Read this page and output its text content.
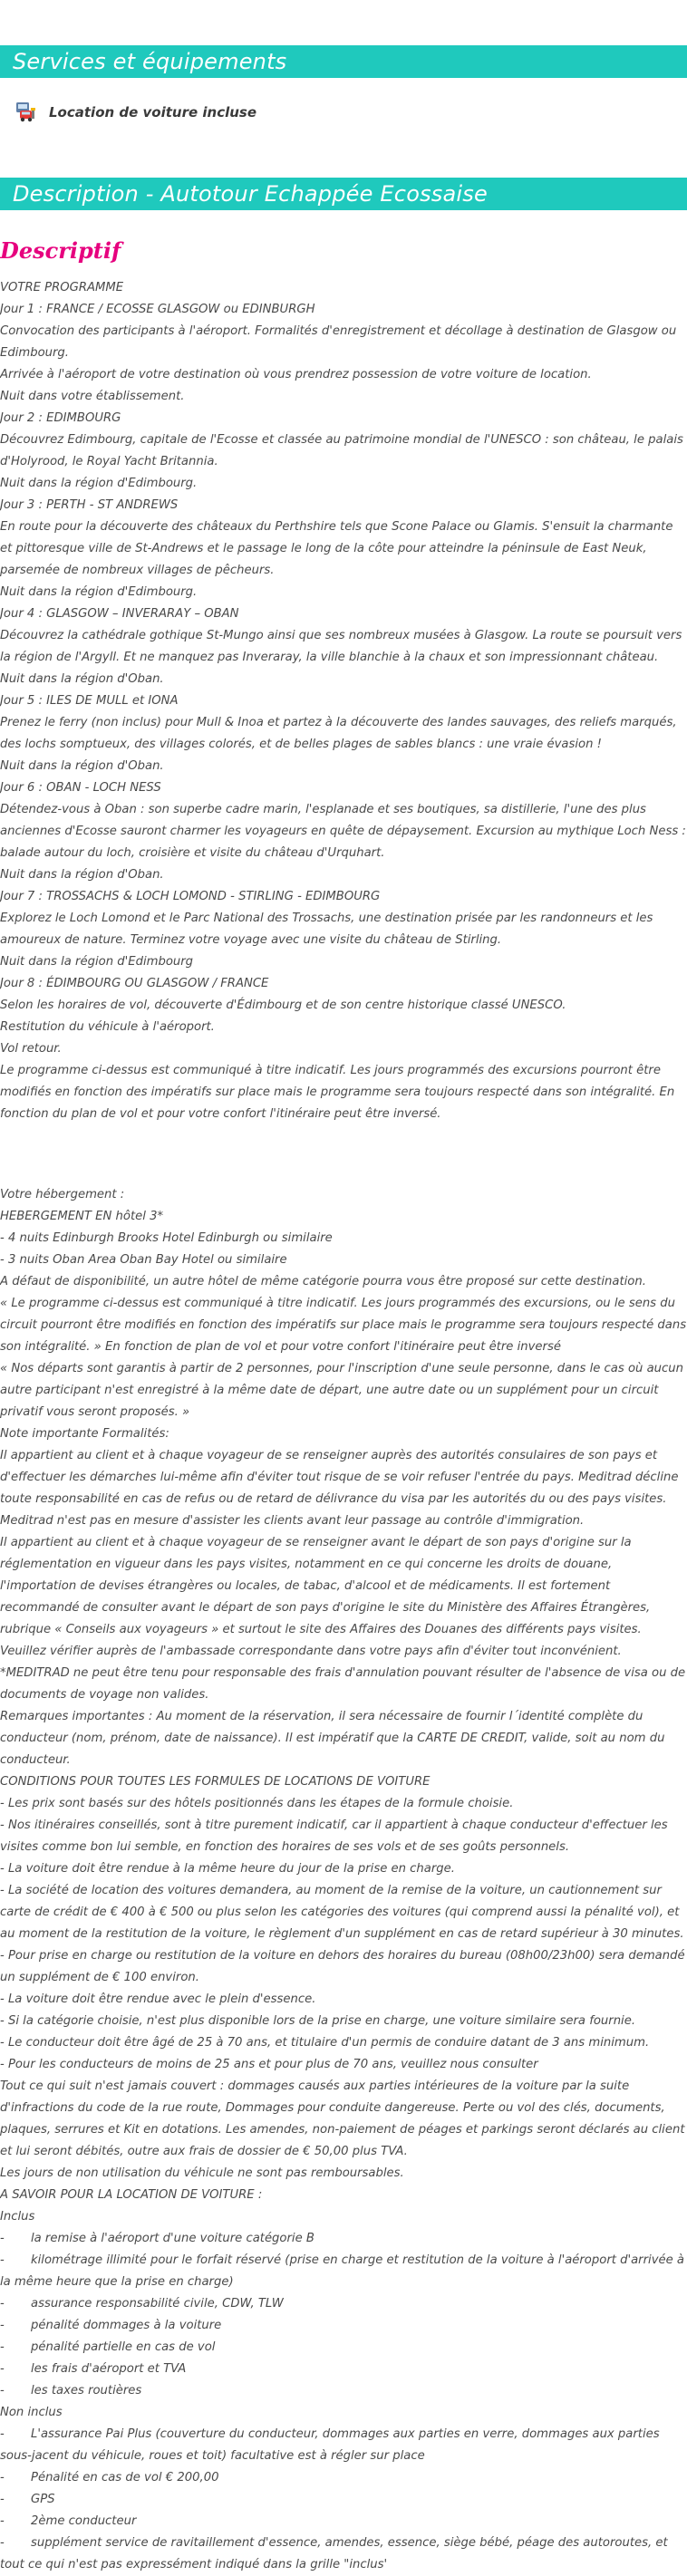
Services et équipements
Location de voiture incluse
Description - Autotour Echappée Ecossaise
Descriptif
VOTRE PROGRAMME
Jour 1 : FRANCE / ECOSSE GLASGOW ou EDINBURGH
Convocation des participants à l'aéroport. Formalités d'enregistrement et décollage à destination de Glasgow ou Edimbourg.
Arrivée à l'aéroport de votre destination où vous prendrez possession de votre voiture de location.
Nuit dans votre établissement.
Jour 2 : EDIMBOURG
Découvrez Edimbourg, capitale de l'Ecosse et classée au patrimoine mondial de l'UNESCO : son château, le palais d'Holyrood, le Royal Yacht Britannia.
Nuit dans la région d'Edimbourg.
Jour 3 : PERTH - ST ANDREWS
En route pour la découverte des châteaux du Perthshire tels que Scone Palace ou Glamis. S'ensuit la charmante et pittoresque ville de St-Andrews et le passage le long de la côte pour atteindre la péninsule de East Neuk, parsemée de nombreux villages de pêcheurs.
Nuit dans la région d'Edimbourg.
Jour 4 : GLASGOW – INVERARAY – OBAN
Découvrez la cathédrale gothique St-Mungo ainsi que ses nombreux musées à Glasgow. La route se poursuit vers la région de l'Argyll. Et ne manquez pas Inveraray, la ville blanchie à la chaux et son impressionnant château.
Nuit dans la région d'Oban.
Jour 5 : ILES DE MULL et IONA
Prenez le ferry (non inclus) pour Mull & Inoa et partez à la découverte des landes sauvages, des reliefs marqués, des lochs somptueux, des villages colorés, et de belles plages de sables blancs : une vraie évasion !
Nuit dans la région d'Oban.
Jour 6 : OBAN - LOCH NESS
Détendez-vous à Oban : son superbe cadre marin, l'esplanade et ses boutiques, sa distillerie, l'une des plus anciennes d'Ecosse sauront charmer les voyageurs en quête de dépaysement. Excursion au mythique Loch Ness : balade autour du loch, croisière et visite du château d'Urquhart.
Nuit dans la région d'Oban.
Jour 7 : TROSSACHS & LOCH LOMOND - STIRLING - EDIMBOURG
Explorez le Loch Lomond et le Parc National des Trossachs, une destination prisée par les randonneurs et les amoureux de nature. Terminez votre voyage avec une visite du château de Stirling.
Nuit dans la région d'Edimbourg
Jour 8 : ÉDIMBOURG OU GLASGOW / FRANCE
Selon les horaires de vol, découverte d'Édimbourg et de son centre historique classé UNESCO.
Restitution du véhicule à l'aéroport.
Vol retour.
Le programme ci-dessus est communiqué à titre indicatif. Les jours programmés des excursions pourront être modifiés en fonction des impératifs sur place mais le programme sera toujours respecté dans son intégralité. En fonction du plan de vol et pour votre confort l'itinéraire peut être inversé.
Votre hébergement :
HEBERGEMENT EN hôtel 3*
- 4 nuits Edinburgh Brooks Hotel Edinburgh ou similaire
- 3 nuits Oban Area Oban Bay Hotel ou similaire
A défaut de disponibilité, un autre hôtel de même catégorie pourra vous être proposé sur cette destination.
« Le programme ci-dessus est communiqué à titre indicatif. Les jours programmés des excursions, ou le sens du circuit pourront être modifiés en fonction des impératifs sur place mais le programme sera toujours respecté dans son intégralité. » En fonction de plan de vol et pour votre confort l'itinéraire peut être inversé
« Nos départs sont garantis à partir de 2 personnes, pour l'inscription d'une seule personne, dans le cas où aucun autre participant n'est enregistré à la même date de départ, une autre date ou un supplément pour un circuit privatif vous seront proposés. »
Note importante Formalités:
Il appartient au client et à chaque voyageur de se renseigner auprès des autorités consulaires de son pays et d'effectuer les démarches lui-même afin d'éviter tout risque de se voir refuser l'entrée du pays. Meditrad décline toute responsabilité en cas de refus ou de retard de délivrance du visa par les autorités du ou des pays visites. Meditrad n'est pas en mesure d'assister les clients avant leur passage au contrôle d'immigration.
Il appartient au client et à chaque voyageur de se renseigner avant le départ de son pays d'origine sur la réglementation en vigueur dans les pays visites, notamment en ce qui concerne les droits de douane, l'importation de devises étrangères ou locales, de tabac, d'alcool et de médicaments. Il est fortement recommandé de consulter avant le départ de son pays d'origine le site du Ministère des Affaires Étrangères, rubrique « Conseils aux voyageurs » et surtout le site des Affaires des Douanes des différents pays visites.
Veuillez vérifier auprès de l'ambassade correspondante dans votre pays afin d'éviter tout inconvénient.
*MEDITRAD ne peut être tenu pour responsable des frais d'annulation pouvant résulter de l'absence de visa ou de documents de voyage non valides.
Remarques importantes : Au moment de la réservation, il sera nécessaire de fournir l´identité complète du conducteur (nom, prénom, date de naissance). Il est impératif que la CARTE DE CREDIT, valide, soit au nom du conducteur.
CONDITIONS POUR TOUTES LES FORMULES DE LOCATIONS DE VOITURE
- Les prix sont basés sur des hôtels positionnés dans les étapes de la formule choisie.
- Nos itinéraires conseillés, sont à titre purement indicatif, car il appartient à chaque conducteur d'effectuer les visites comme bon lui semble, en fonction des horaires de ses vols et de ses goûts personnels.
- La voiture doit être rendue à la même heure du jour de la prise en charge.
- La société de location des voitures demandera, au moment de la remise de la voiture, un cautionnement sur carte de crédit de € 400 à € 500 ou plus selon les catégories des voitures (qui comprend aussi la pénalité vol), et au moment de la restitution de la voiture, le règlement d'un supplément en cas de retard supérieur à 30 minutes.
- Pour prise en charge ou restitution de la voiture en dehors des horaires du bureau (08h00/23h00) sera demandé un supplément de € 100 environ.
- La voiture doit être rendue avec le plein d'essence.
- Si la catégorie choisie, n'est plus disponible lors de la prise en charge, une voiture similaire sera fournie.
- Le conducteur doit être âgé de 25 à 70 ans, et titulaire d'un permis de conduire datant de 3 ans minimum.
- Pour les conducteurs de moins de 25 ans et pour plus de 70 ans, veuillez nous consulter
Tout ce qui suit n'est jamais couvert : dommages causés aux parties intérieures de la voiture par la suite d'infractions du code de la rue route, Dommages pour conduite dangereuse. Perte ou vol des clés, documents, plaques, serrures et Kit en dotations. Les amendes, non-paiement de péages et parkings seront déclarés au client et lui seront débités, outre aux frais de dossier de € 50,00 plus TVA.
Les jours de non utilisation du véhicule ne sont pas remboursables.
A SAVOIR POUR LA LOCATION DE VOITURE :
Inclus
-	la remise à l'aéroport d'une voiture catégorie B
- kilométrage illimité pour le forfait réservé (prise en charge et restitution de la voiture à l'aéroport d'arrivée à la même heure que la prise en charge)
-	assurance responsabilité civile, CDW, TLW
-	pénalité dommages à la voiture
-	pénalité partielle en cas de vol
-	les frais d'aéroport et TVA
-	les taxes routières
Non inclus
- L'assurance Pai Plus (couverture du conducteur, dommages aux parties en verre, dommages aux parties sous-jacent du véhicule, roues et toit) facultative est à régler sur place
-	Pénalité en cas de vol € 200,00
-	GPS
-	2ème conducteur
- supplément service de ravitaillement d'essence, amendes, essence, siège bébé, péage des autoroutes, et tout ce qui n'est pas expressément indiqué dans la grille "inclus'
